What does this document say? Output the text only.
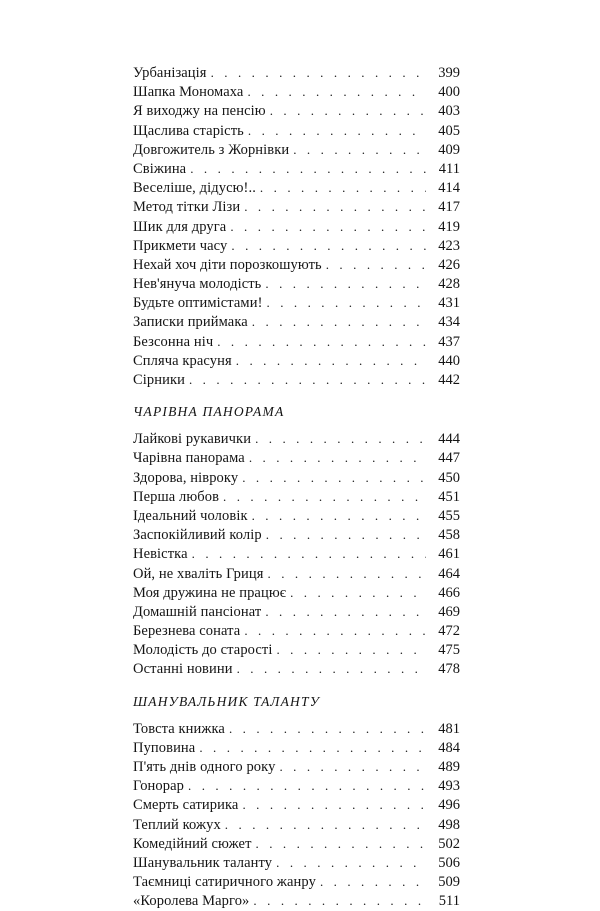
Урбанізація . . .	399
Шапка Мономаха . . .	400
Я виходжу на пенсію . . .	403
Щаслива старість . . .	405
Довгожитель з Жорнівки . . .	409
Свіжина . . .	411
Веселіше, дідусю!.. . . .	414
Метод тітки Лізи . . .	417
Шик для друга . . .	419
Прикмети часу . . .	423
Нехай хоч діти порозкошують . . .	426
Нев'януча молодість . . .	428
Будьте оптимістами! . . .	431
Записки приймака . . .	434
Безсонна ніч . . .	437
Спляча красуня . . .	440
Сірники . . .	442
ЧАРІВНА ПАНОРАМА
Лайкові рукавички . . .	444
Чарівна панорама . . .	447
Здорова, нівроку . . .	450
Перша любов . . .	451
Ідеальний чоловік . . .	455
Заспокійливий колір . . .	458
Невістка . . .	461
Ой, не хваліть Гриця . . .	464
Моя дружина не працює . . .	466
Домашній пансіонат . . .	469
Березнева соната . . .	472
Молодість до старості . . .	475
Останні новини . . .	478
ШАНУВАЛЬНИК ТАЛАНТУ
Товста книжка . . .	481
Пуповина . . .	484
П'ять днів одного року . . .	489
Гонорар . . .	493
Смерть сатирика . . .	496
Теплий кожух . . .	498
Комедійний сюжет . . .	502
Шанувальник таланту . . .	506
Таємниці сатиричного жанру . . .	509
«Королева Марго» . . .	511
